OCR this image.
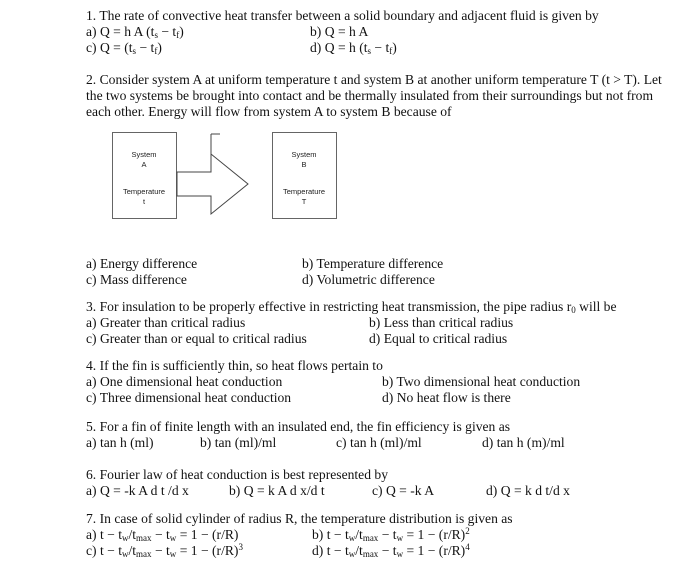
1. The rate of convective heat transfer between a solid boundary and adjacent fluid is given by
a) Q = h A $(t_s - t_f)$	b) Q = h A
c) $Q = (t_s - t_f)$	d) Q = h $(t_s - t_f)$
2. Consider system A at uniform temperature t and system B at another uniform temperature T (t > T). Let the two systems be brought into contact and be thermally insulated from their surroundings but not from each other. Energy will flow from system A to system B because of
System
A
Temperature
t
System
B
Temperature
T
a) Energy difference	b) Temperature difference
c) Mass difference	d) Volumetric difference
3. For insulation to be properly effective in restricting heat transmission, the pipe radius $r_0$ will be
a) Greater than critical radius	b) Less than critical radius
c) Greater than or equal to critical radius	d) Equal to critical radius
4. If the fin is sufficiently thin, so heat flows pertain to
a) One dimensional heat conduction	b) Two dimensional heat conduction
c) Three dimensional heat conduction	d) No heat flow is there
5. For a fin of finite length with an insulated end, the fin efficiency is given as
a) tan h (ml)	b) tan (ml)/ml	c) tan h (ml)/ml	d) tan h (m)/ml
6. Fourier law of heat conduction is best represented by
a) Q = -k A d t /d x	b) Q = k A d x/d t	c) Q = -k A	d) Q = k d t/d x
7. In case of solid cylinder of radius R, the temperature distribution is given as
a) $t - t_w/t_{max} - t_w = 1 - (r/R)$	b) $t - t_w/t_{max} - t_w = 1 - (r/R)^2$
c) $t - t_w/t_{max} - t_w = 1 - (r/R)^3$	d) $t - t_w/t_{max} - t_w = 1 - (r/R)^4$
